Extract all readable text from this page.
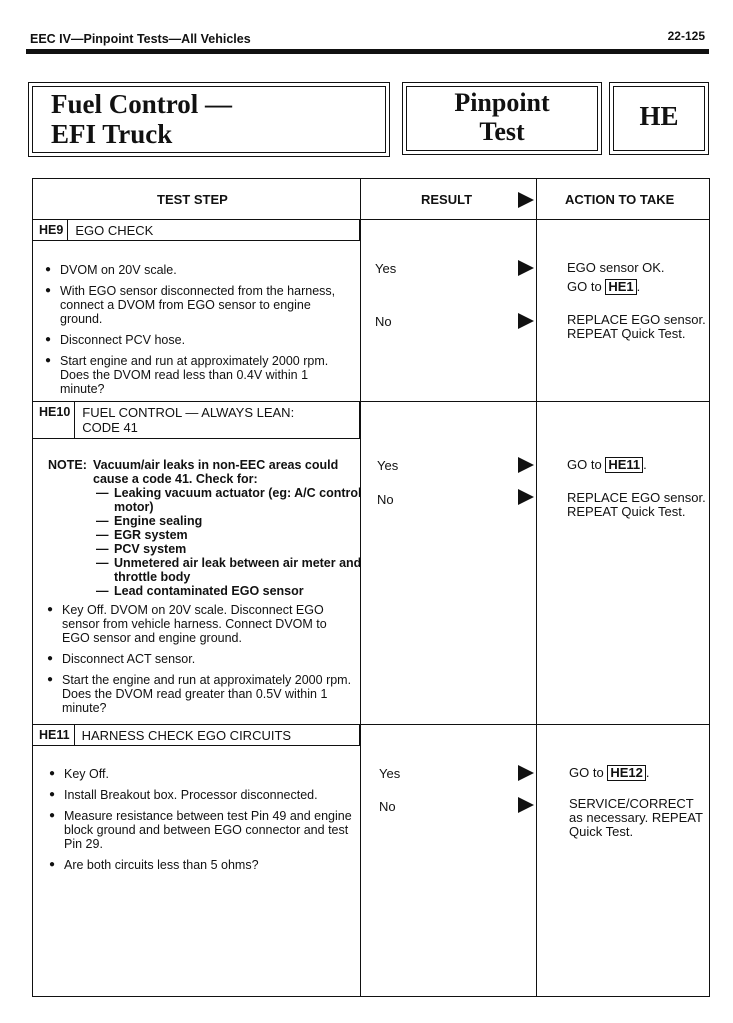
EEC IV—Pinpoint Tests—All Vehicles	22-125
Fuel Control —
EFI Truck
Pinpoint
Test
HE
TEST STEP	RESULT	ACTION TO TAKE
HE9 EGO CHECK
● DVOM on 20V scale.
● With EGO sensor disconnected from the harness, connect a DVOM from EGO sensor to engine ground.
● Disconnect PCV hose.
● Start engine and run at approximately 2000 rpm. Does the DVOM read less than 0.4V within 1 minute?
Yes	EGO sensor OK.
GO to HE1 .
No	REPLACE EGO sensor. REPEAT Quick Test.
HE10 FUEL CONTROL — ALWAYS LEAN: CODE 41
NOTE: Vacuum/air leaks in non-EEC areas could cause a code 41. Check for:
— Leaking vacuum actuator (eg: A/C control motor)
— Engine sealing
— EGR system
— PCV system
— Unmetered air leak between air meter and throttle body
— Lead contaminated EGO sensor
● Key Off. DVOM on 20V scale. Disconnect EGO sensor from vehicle harness. Connect DVOM to EGO sensor and engine ground.
● Disconnect ACT sensor.
● Start the engine and run at approximately 2000 rpm. Does the DVOM read greater than 0.5V within 1 minute?
Yes	GO to HE11 .
No	REPLACE EGO sensor. REPEAT Quick Test.
HE11 HARNESS CHECK EGO CIRCUITS
● Key Off.
● Install Breakout box. Processor disconnected.
● Measure resistance between test Pin 49 and engine block ground and between EGO connector and test Pin 29.
● Are both circuits less than 5 ohms?
Yes	GO to HE12 .
No	SERVICE/CORRECT as necessary. REPEAT Quick Test.
